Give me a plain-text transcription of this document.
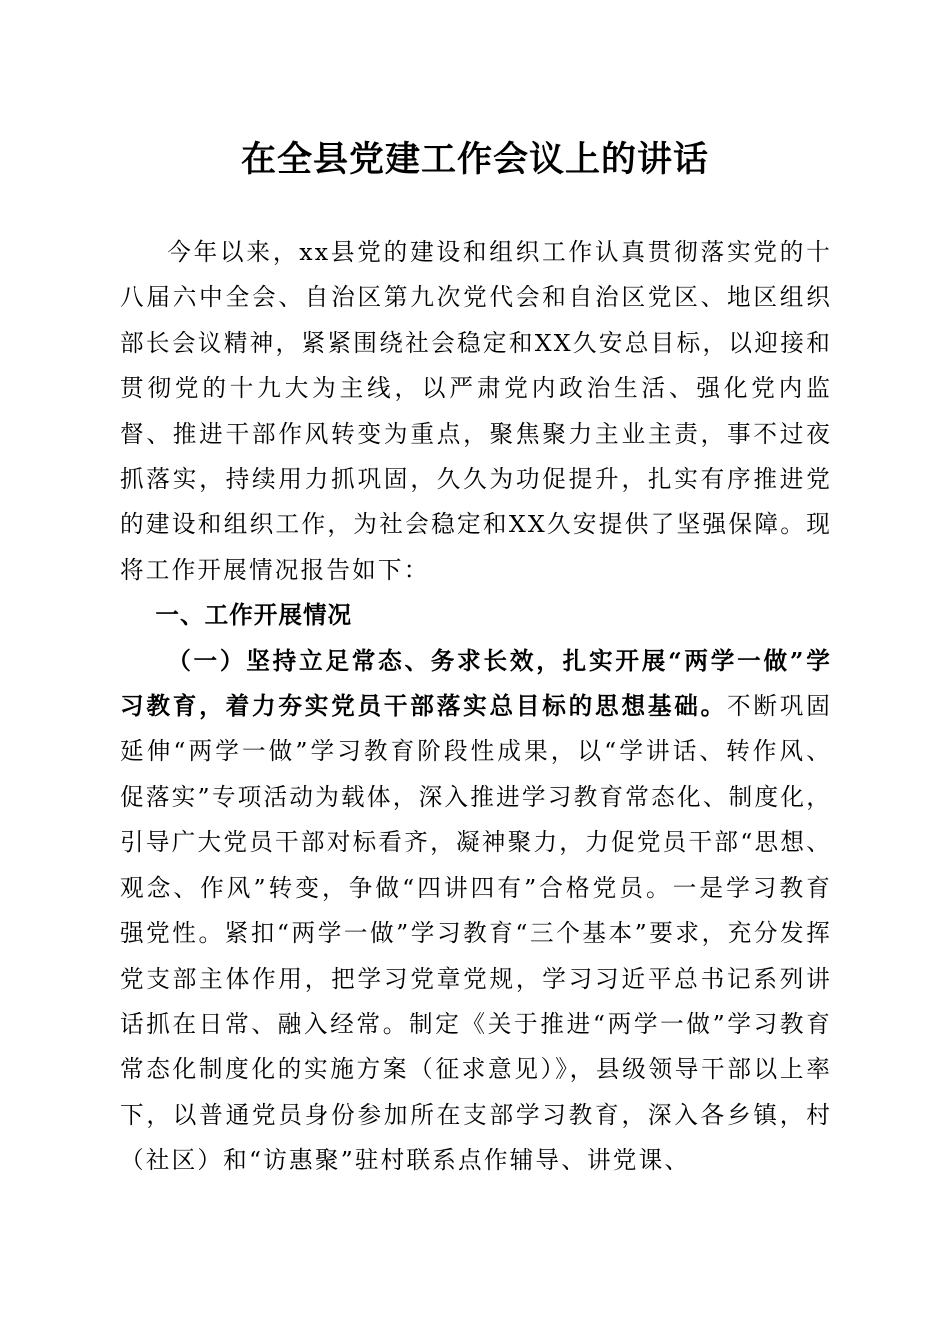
在全县党建工作会议上的讲话

今年以来，xx县党的建设和组织工作认真贯彻落实党的十八届六中全会、自治区第九次党代会和自治区党区、地区组织部长会议精神，紧紧围绕社会稳定和XX久安总目标，以迎接和贯彻党的十九大为主线，以严肃党内政治生活、强化党内监督、推进干部作风转变为重点，聚焦聚力主业主责，事不过夜抓落实，持续用力抓巩固，久久为功促提升，扎实有序推进党的建设和组织工作，为社会稳定和XX久安提供了坚强保障。现将工作开展情况报告如下：

一、工作开展情况

（一）坚持立足常态、务求长效，扎实开展“两学一做”学习教育，着力夯实党员干部落实总目标的思想基础。不断巩固延伸“两学一做”学习教育阶段性成果，以“学讲话、转作风、促落实”专项活动为载体，深入推进学习教育常态化、制度化，引导广大党员干部对标看齐，凝神聚力，力促党员干部“思想、观念、作风”转变，争做“四讲四有”合格党员。一是学习教育强党性。紧扣“两学一做”学习教育“三个基本”要求，充分发挥党支部主体作用，把学习党章党规，学习习近平总书记系列讲话抓在日常、融入经常。制定《关于推进“两学一做”学习教育常态化制度化的实施方案（征求意见）》，县级领导干部以上率下，以普通党员身份参加所在支部学习教育，深入各乡镇，村（社区）和“访惠聚”驻村联系点作辅导、讲党课、
